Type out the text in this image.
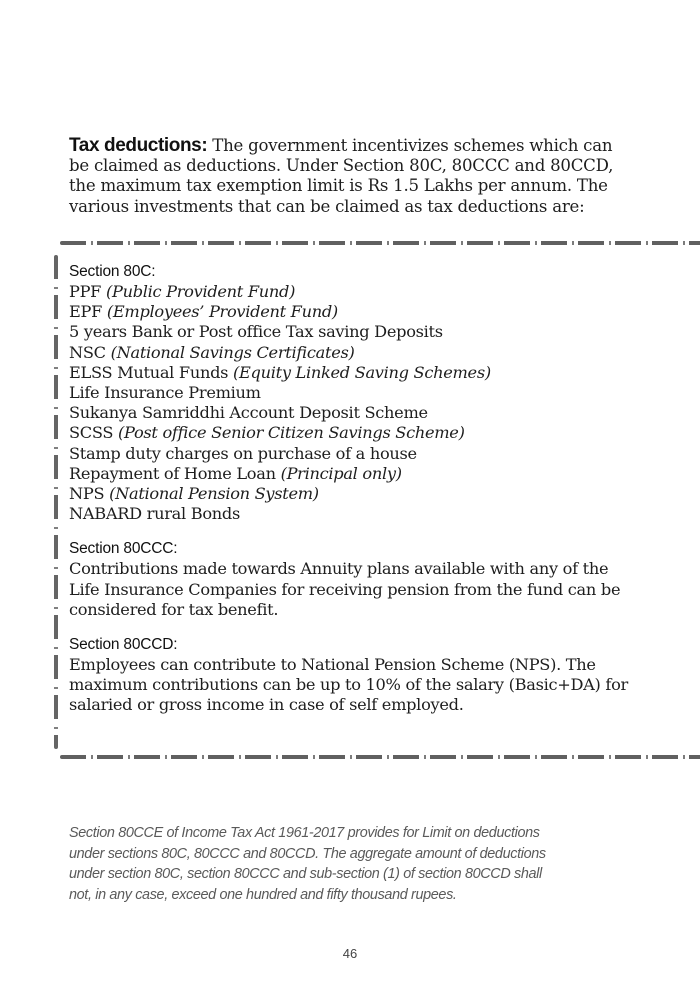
Tax deductions: The government incentivizes schemes which can be claimed as deductions. Under Section 80C, 80CCC and 80CCD, the maximum tax exemption limit is Rs 1.5 Lakhs per annum. The various investments that can be claimed as tax deductions are:
Section 80C:
PPF (Public Provident Fund)
EPF (Employees’ Provident Fund)
5 years Bank or Post office Tax saving Deposits
NSC (National Savings Certificates)
ELSS Mutual Funds (Equity Linked Saving Schemes)
Life Insurance Premium
Sukanya Samriddhi Account Deposit Scheme
SCSS (Post office Senior Citizen Savings Scheme)
Stamp duty charges on purchase of a house
Repayment of Home Loan (Principal only)
NPS (National Pension System)
NABARD rural Bonds
Section 80CCC:
Contributions made towards Annuity plans available with any of the
Life Insurance Companies for receiving pension from the fund can be
considered for tax benefit.
Section 80CCD:
Employees can contribute to National Pension Scheme (NPS). The
maximum contributions can be up to 10% of the salary (Basic+DA) for
salaried or gross income in case of self employed.
Section 80CCE of Income Tax Act 1961-2017 provides for Limit on deductions
under sections 80C, 80CCC and 80CCD. The aggregate amount of deductions
under section 80C, section 80CCC and sub-section (1) of section 80CCD shall
not, in any case, exceed one hundred and fifty thousand rupees.
46
